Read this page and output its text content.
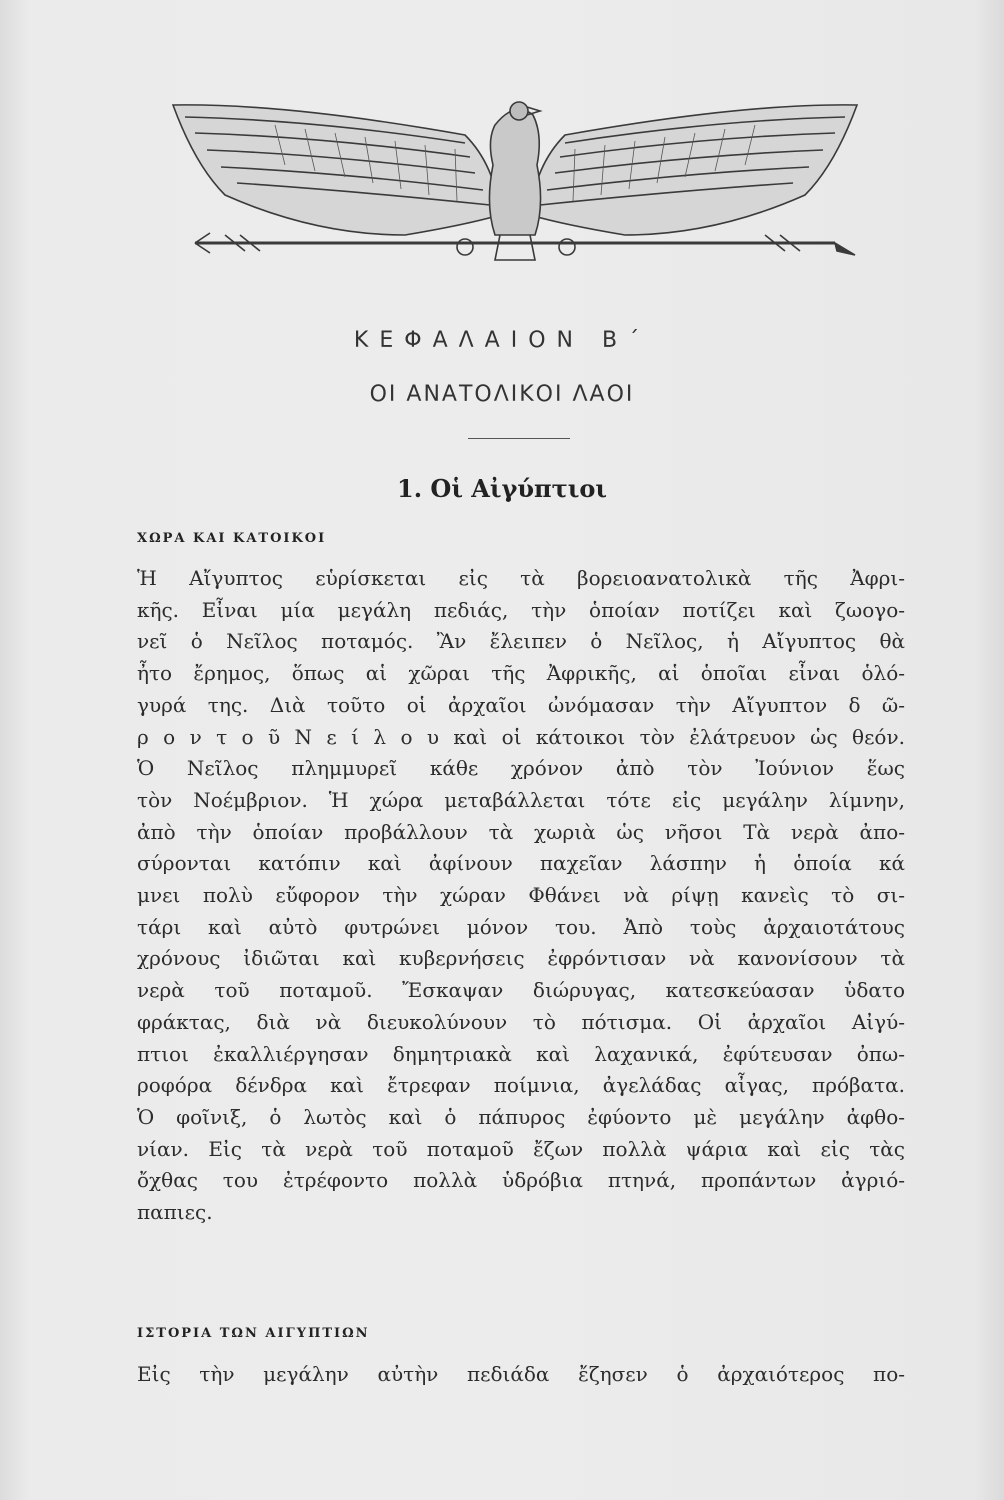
ΚΕΦΑΛΑΙΟΝ Β΄
ΟΙ ΑΝΑΤΟΛΙΚΟΙ ΛΑΟΙ
1. Οἱ Αἰγύπτιοι
ΧΩΡΑ ΚΑΙ ΚΑΤΟΙΚΟΙ
Ἡ Αἴγυπτος εὑρίσκεται εἰς τὰ βορειοανατολικὰ τῆς Ἀφρι-
κῆς. Εἶναι μία μεγάλη πεδιάς, τὴν ὁποίαν ποτίζει καὶ ζωογο-
νεῖ ὁ Νεῖλος ποταμός. Ἂν ἔλειπεν ὁ Νεῖλος, ἡ Αἴγυπτος θὰ
ἦτο ἔρημος, ὅπως αἱ χῶραι τῆς Ἀφρικῆς, αἱ ὁποῖαι εἶναι ὁλό-
γυρά της. Διὰ τοῦτο οἱ ἀρχαῖοι ὠνόμασαν τὴν Αἴγυπτον δ ῶ-
ρ ο ν τ ο ῦ Ν ε ί λ ο υ καὶ οἱ κάτοικοι τὸν ἐλάτρευον ὡς θεόν.
Ὁ Νεῖλος πλημμυρεῖ κάθε χρόνον ἀπὸ τὸν Ἰούνιον ἕως
τὸν Νοέμβριον. Ἡ χώρα μεταβάλλεται τότε εἰς μεγάλην λίμνην,
ἀπὸ τὴν ὁποίαν προβάλλουν τὰ χωριὰ ὡς νῆσοι Τὰ νερὰ ἀπο-
σύρονται κατόπιν καὶ ἀφίνουν παχεῖαν λάσπην ἡ ὁποία κά
μνει πολὺ εὔφορον τὴν χώραν Φθάνει νὰ ρίψῃ κανεὶς τὸ σι-
τάρι καὶ αὐτὸ φυτρώνει μόνον του. Ἀπὸ τοὺς ἀρχαιοτάτους
χρόνους ἰδιῶται καὶ κυβερνήσεις ἐφρόντισαν νὰ κανονίσουν τὰ
νερὰ τοῦ ποταμοῦ. Ἔσκαψαν διώρυγας, κατεσκεύασαν ὑδατο
φράκτας, διὰ νὰ διευκολύνουν τὸ πότισμα. Οἱ ἀρχαῖοι Αἰγύ-
πτιοι ἐκαλλιέργησαν δημητριακὰ καὶ λαχανικά, ἐφύτευσαν ὀπω-
ροφόρα δένδρα καὶ ἔτρεφαν ποίμνια, ἀγελάδας αἶγας, πρόβατα.
Ὁ φοῖνιξ, ὁ λωτὸς καὶ ὁ πάπυρος ἐφύοντο μὲ μεγάλην ἀφθο-
νίαν. Εἰς τὰ νερὰ τοῦ ποταμοῦ ἔζων πολλὰ ψάρια καὶ εἰς τὰς
ὄχθας του ἐτρέφοντο πολλὰ ὑδρόβια πτηνά, προπάντων ἀγριό-
παπιες.
ΙΣΤΟΡΙΑ ΤΩΝ ΑΙΓΥΠΤΙΩΝ
Εἰς τὴν μεγάλην αὐτὴν πεδιάδα ἔζησεν ὁ ἀρχαιότερος πο-
